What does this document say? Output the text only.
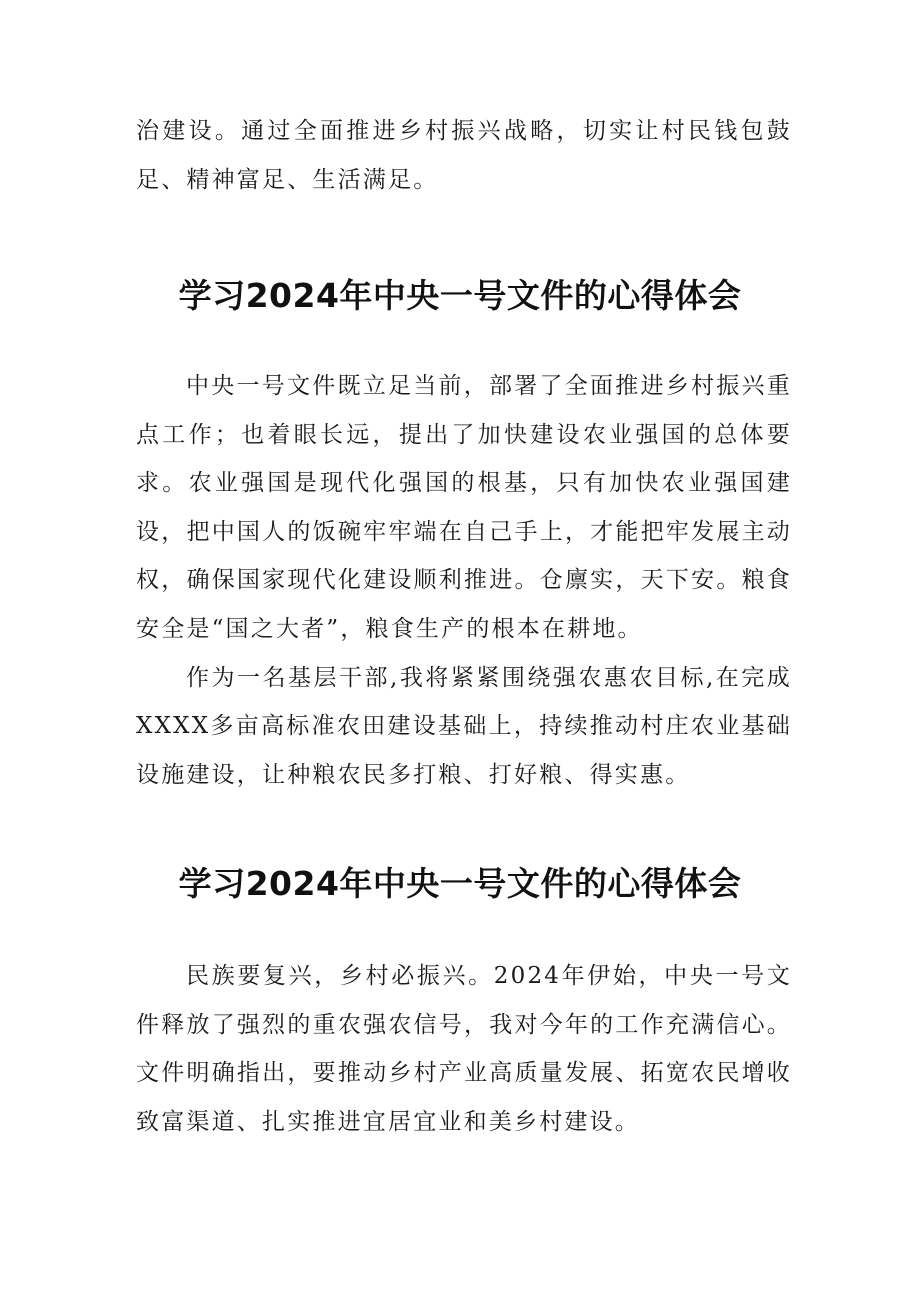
治建设。通过全面推进乡村振兴战略，切实让村民钱包鼓足、精神富足、生活满足。

学习2024年中央一号文件的心得体会

中央一号文件既立足当前，部署了全面推进乡村振兴重点工作；也着眼长远，提出了加快建设农业强国的总体要求。农业强国是现代化强国的根基，只有加快农业强国建设，把中国人的饭碗牢牢端在自己手上，才能把牢发展主动权，确保国家现代化建设顺利推进。仓廪实，天下安。粮食安全是“国之大者”，粮食生产的根本在耕地。

作为一名基层干部,我将紧紧围绕强农惠农目标,在完成XXXX多亩高标准农田建设基础上，持续推动村庄农业基础设施建设，让种粮农民多打粮、打好粮、得实惠。

学习2024年中央一号文件的心得体会

民族要复兴，乡村必振兴。2024年伊始，中央一号文件释放了强烈的重农强农信号，我对今年的工作充满信心。文件明确指出，要推动乡村产业高质量发展、拓宽农民增收致富渠道、扎实推进宜居宜业和美乡村建设。
